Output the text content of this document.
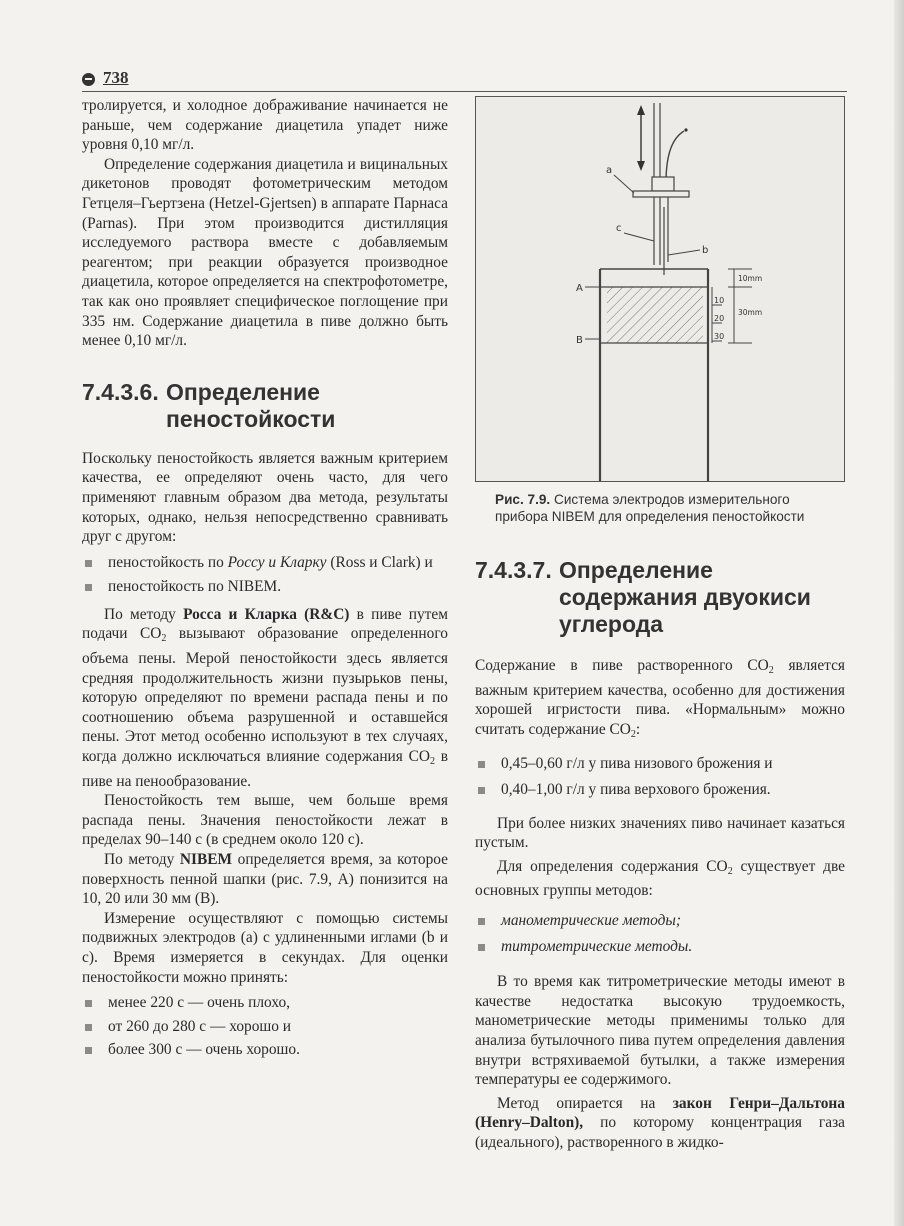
738

тролируется, и холодное дображивание начинается не раньше, чем содержание диацетила упадет ниже уровня 0,10 мг/л.

Определение содержания диацетила и вицинальных дикетонов проводят фотометрическим методом Гетцеля–Гьертзена (Hetzel-Gjertsen) в аппарате Парнаса (Parnas). При этом производится дистилляция исследуемого раствора вместе с добавляемым реагентом; при реакции образуется производное диацетила, которое определяется на спектрофотометре, так как оно проявляет специфическое поглощение при 335 нм. Содержание диацетила в пиве должно быть менее 0,10 мг/л.

7.4.3.6. Определение
пеностойкости

Поскольку пеностойкость является важным критерием качества, ее определяют очень часто, для чего применяют главным образом два метода, результаты которых, однако, нельзя непосредственно сравнивать друг с другом:

пеностойкость по Россу и Кларку (Ross и Clark) и
пеностойкость по NIBEM.

По методу Росса и Кларка (R&C) в пиве путем подачи $CO_2$ вызывают образование определенного объема пены. Мерой пеностойкости здесь является средняя продолжительность жизни пузырьков пены, которую определяют по времени распада пены и по соотношению объема разрушенной и оставшейся пены. Этот метод особенно используют в тех случаях, когда должно исключаться влияние содержания $CO_2$ в пиве на пенообразование.

Пеностойкость тем выше, чем больше время распада пены. Значения пеностойкости лежат в пределах 90–140 с (в среднем около 120 с).

По методу NIBEM определяется время, за которое поверхность пенной шапки (рис. 7.9, А) понизится на 10, 20 или 30 мм (В).

Измерение осуществляют с помощью системы подвижных электродов (а) с удлиненными иглами (b и с). Время измеряется в секундах. Для оценки пеностойкости можно принять:

менее 220 с — очень плохо,
от 260 до 280 с — хорошо и
более 300 с — очень хорошо.
a
c
b
A
B
10
20
30
10mm
30mm
Рис. 7.9. Система электродов измерительного прибора NIBEM для определения пеностойкости
7.4.3.7. Определение
содержания двуокиси
углерода

Содержание в пиве растворенного $CO_2$ является важным критерием качества, особенно для достижения хорошей игристости пива. «Нормальным» можно считать содержание $CO_2$:

0,45–0,60 г/л у пива низового брожения и
0,40–1,00 г/л у пива верхового брожения.

При более низких значениях пиво начинает казаться пустым.

Для определения содержания $CO_2$ существует две основных группы методов:

манометрические методы;
титрометрические методы.

В то время как титрометрические методы имеют в качестве недостатка высокую трудоемкость, манометрические методы применимы только для анализа бутылочного пива путем определения давления внутри встряхиваемой бутылки, а также измерения температуры ее содержимого.

Метод опирается на закон Генри–Дальтона (Henry–Dalton), по которому концентрация газа (идеального), растворенного в жидко-
